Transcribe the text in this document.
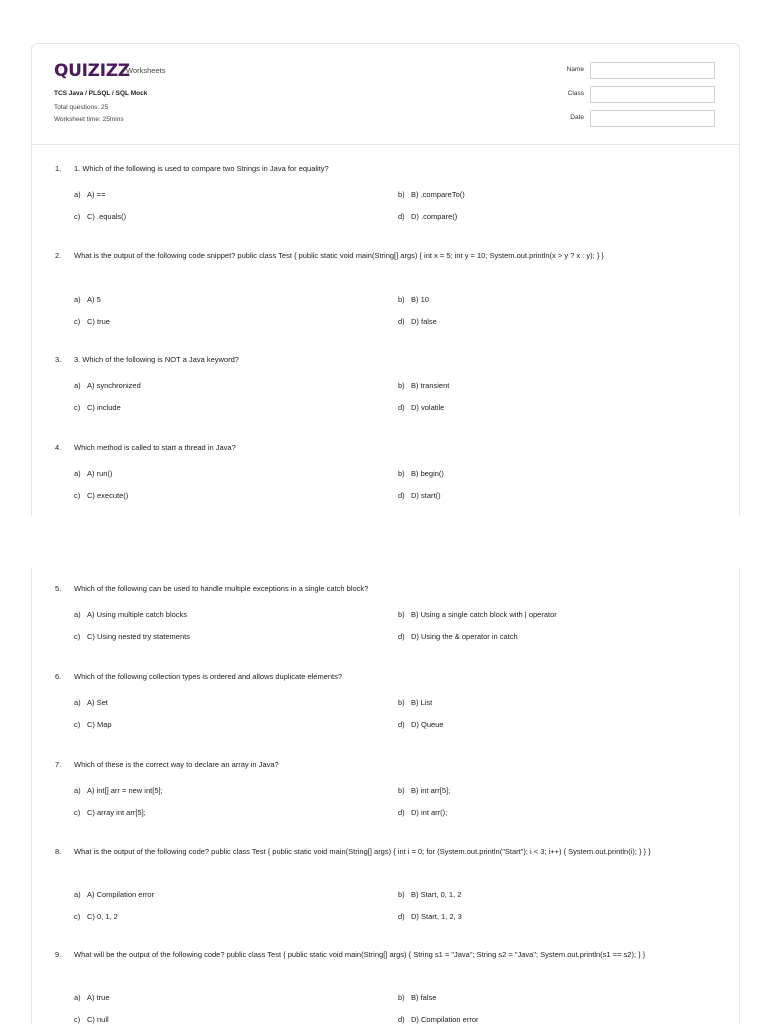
QUIZIZZ
Worksheets
TCS Java / PLSQL / SQL Mock
Total questions: 25
Worksheet time: 25mins
Name
Class
Date
1. 1. Which of the following is used to compare two Strings in Java for equality?
a) A) ==	b) B) .compareTo()
c) C) .equals()	d) D) .compare()
2. What is the output of the following code snippet? public class Test { public static void main(String[] args) { int x = 5; int y = 10; System.out.println(x > y ? x : y); } }
a) A) 5	b) B) 10
c) C) true	d) D) false
3. 3. Which of the following is NOT a Java keyword?
a) A) synchronized	b) B) transient
c) C) include	d) D) volatile
4. Which method is called to start a thread in Java?
a) A) run()	b) B) begin()
c) C) execute()	d) D) start()
5. Which of the following can be used to handle multiple exceptions in a single catch block?
a) A) Using multiple catch blocks	b) B) Using a single catch block with | operator
c) C) Using nested try statements	d) D) Using the & operator in catch
6. Which of the following collection types is ordered and allows duplicate elements?
a) A) Set	b) B) List
c) C) Map	d) D) Queue
7. Which of these is the correct way to declare an array in Java?
a) A) int[] arr = new int[5];	b) B) int arr[5];
c) C) array int arr[5];	d) D) int arr();
8. What is the output of the following code? public class Test { public static void main(String[] args) { int i = 0; for (System.out.println("Start"); i < 3; i++) { System.out.println(i); } } }
a) A) Compilation error	b) B) Start, 0, 1, 2
c) C) 0, 1, 2	d) D) Start, 1, 2, 3
9. What will be the output of the following code? public class Test { public static void main(String[] args) { String s1 = "Java"; String s2 = "Java"; System.out.println(s1 == s2); } }
a) A) true	b) B) false
c) C) null	d) D) Compilation error
